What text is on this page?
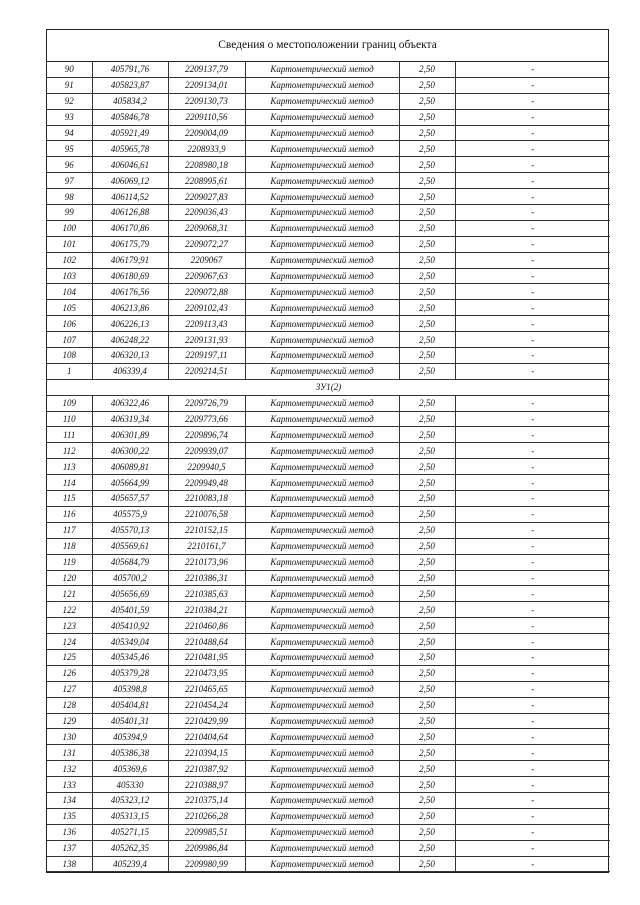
Сведения о местоположении границ объекта
90	405791,76	2209137,79	Картометрический метод	2,50	-
91	405823,87	2209134,01	Картометрический метод	2,50	-
92	405834,2	2209130,73	Картометрический метод	2,50	-
93	405846,78	2209110,56	Картометрический метод	2,50	-
94	405921,49	2209004,09	Картометрический метод	2,50	-
95	405965,78	2208933,9	Картометрический метод	2,50	-
96	406046,61	2208980,18	Картометрический метод	2,50	-
97	406069,12	2208995,61	Картометрический метод	2,50	-
98	406114,52	2209027,83	Картометрический метод	2,50	-
99	406126,88	2209036,43	Картометрический метод	2,50	-
100	406170,86	2209068,31	Картометрический метод	2,50	-
101	406175,79	2209072,27	Картометрический метод	2,50	-
102	406179,91	2209067	Картометрический метод	2,50	-
103	406180,69	2209067,63	Картометрический метод	2,50	-
104	406176,56	2209072,88	Картометрический метод	2,50	-
105	406213,86	2209102,43	Картометрический метод	2,50	-
106	406226,13	2209113,43	Картометрический метод	2,50	-
107	406248,22	2209131,93	Картометрический метод	2,50	-
108	406320,13	2209197,11	Картометрический метод	2,50	-
1	406339,4	2209214,51	Картометрический метод	2,50	-
ЗУ1(2)					
109	406322,46	2209726,79	Картометрический метод	2,50	-
110	406319,34	2209773,66	Картометрический метод	2,50	-
111	406301,89	2209896,74	Картометрический метод	2,50	-
112	406300,22	2209939,07	Картометрический метод	2,50	-
113	406089,81	2209940,5	Картометрический метод	2,50	-
114	405664,99	2209949,48	Картометрический метод	2,50	-
115	405657,57	2210083,18	Картометрический метод	2,50	-
116	405575,9	2210076,58	Картометрический метод	2,50	-
117	405570,13	2210152,15	Картометрический метод	2,50	-
118	405569,61	2210161,7	Картометрический метод	2,50	-
119	405684,79	2210173,96	Картометрический метод	2,50	-
120	405700,2	2210386,31	Картометрический метод	2,50	-
121	405656,69	2210385,63	Картометрический метод	2,50	-
122	405401,59	2210384,21	Картометрический метод	2,50	-
123	405410,92	2210460,86	Картометрический метод	2,50	-
124	405349,04	2210488,64	Картометрический метод	2,50	-
125	405345,46	2210481,95	Картометрический метод	2,50	-
126	405379,28	2210473,95	Картометрический метод	2,50	-
127	405398,8	2210465,65	Картометрический метод	2,50	-
128	405404,81	2210454,24	Картометрический метод	2,50	-
129	405401,31	2210429,99	Картометрический метод	2,50	-
130	405394,9	2210404,64	Картометрический метод	2,50	-
131	405386,38	2210394,15	Картометрический метод	2,50	-
132	405369,6	2210387,92	Картометрический метод	2,50	-
133	405330	2210388,97	Картометрический метод	2,50	-
134	405323,12	2210375,14	Картометрический метод	2,50	-
135	405313,15	2210266,28	Картометрический метод	2,50	-
136	405271,15	2209985,51	Картометрический метод	2,50	-
137	405262,35	2209986,84	Картометрический метод	2,50	-
138	405239,4	2209980,99	Картометрический метод	2,50	-
